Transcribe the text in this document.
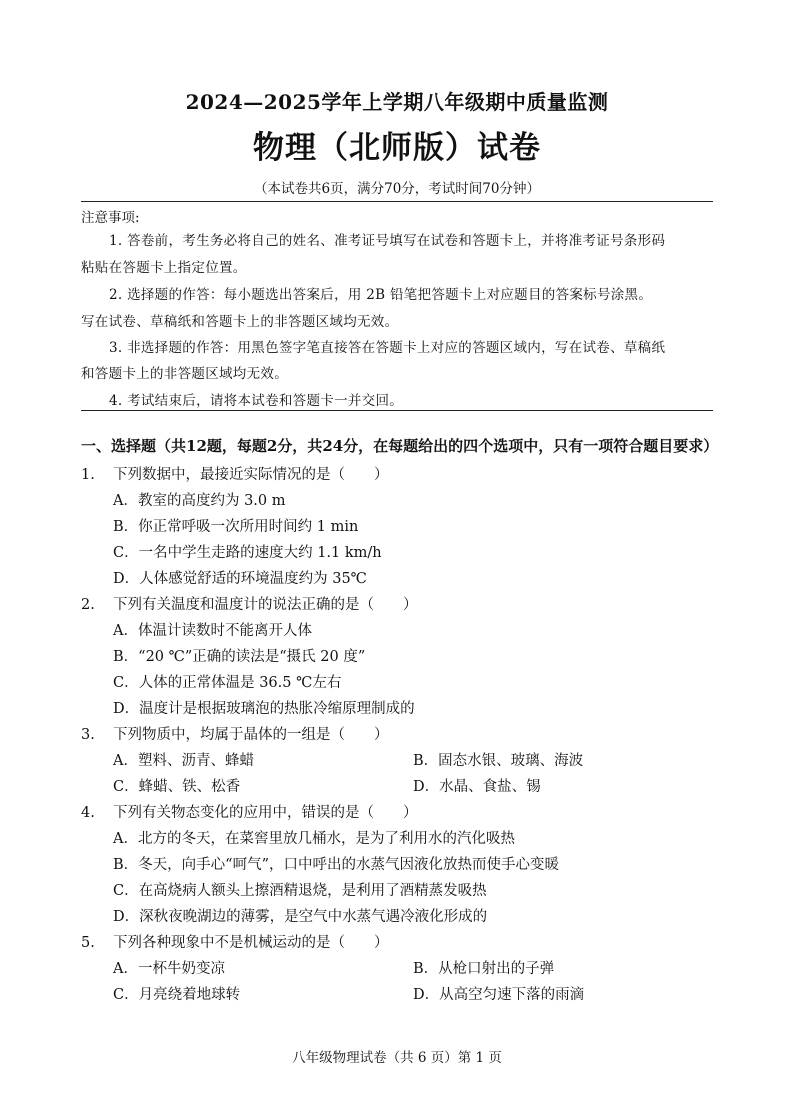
2024—2025学年上学期八年级期中质量监测
物理（北师版）试卷
（本试卷共6页，满分70分，考试时间70分钟）
注意事项:
1. 答卷前，考生务必将自己的姓名、准考证号填写在试卷和答题卡上，并将准考证号条形码
粘贴在答题卡上指定位置。
2. 选择题的作答：每小题选出答案后，用 2B 铅笔把答题卡上对应题目的答案标号涂黑。
写在试卷、草稿纸和答题卡上的非答题区域均无效。
3. 非选择题的作答：用黑色签字笔直接答在答题卡上对应的答题区域内，写在试卷、草稿纸
和答题卡上的非答题区域均无效。
4. 考试结束后，请将本试卷和答题卡一并交回。
一、选择题（共12题，每题2分，共24分，在每题给出的四个选项中，只有一项符合题目要求）
1. 下列数据中，最接近实际情况的是（　　）
A．教室的高度约为 3.0 m
B．你正常呼吸一次所用时间约 1 min
C．一名中学生走路的速度大约 1.1 km/h
D．人体感觉舒适的环境温度约为 35℃
2. 下列有关温度和温度计的说法正确的是（　　）
A．体温计读数时不能离开人体
B．“20 ℃”正确的读法是“摄氏 20 度”
C．人体的正常体温是 36.5 ℃左右
D．温度计是根据玻璃泡的热胀冷缩原理制成的
3. 下列物质中，均属于晶体的一组是（　　）
A．塑料、沥青、蜂蜡	B．固态水银、玻璃、海波
C．蜂蜡、铁、松香	D．水晶、食盐、锡
4. 下列有关物态变化的应用中，错误的是（　　）
A．北方的冬天，在菜窖里放几桶水，是为了利用水的汽化吸热
B．冬天，向手心“呵气”，口中呼出的水蒸气因液化放热而使手心变暖
C．在高烧病人额头上擦酒精退烧，是利用了酒精蒸发吸热
D．深秋夜晚湖边的薄雾，是空气中水蒸气遇冷液化形成的
5. 下列各种现象中不是机械运动的是（　　）
A．一杯牛奶变凉	B．从枪口射出的子弹
C．月亮绕着地球转	D．从高空匀速下落的雨滴
八年级物理试卷（共 6 页）第 1 页
